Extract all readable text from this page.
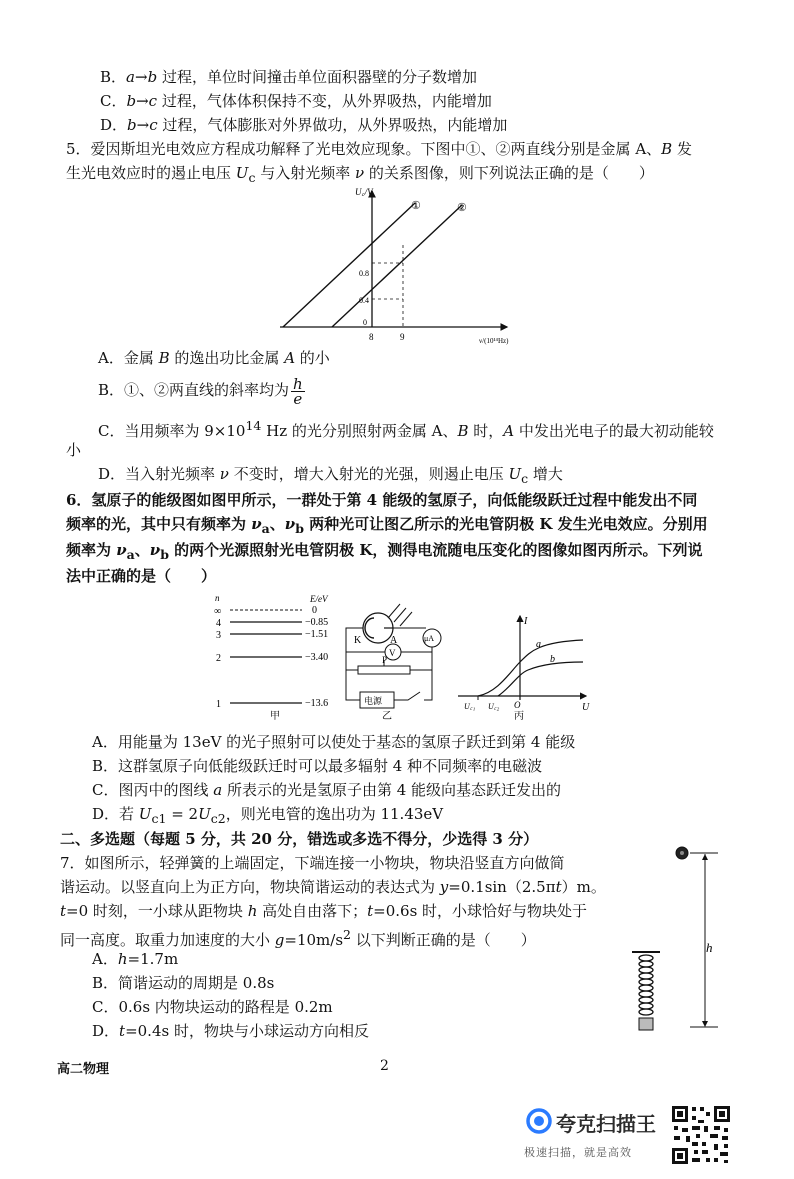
B．a→b 过程，单位时间撞击单位面积器壁的分子数增加
C．b→c 过程，气体体积保持不变，从外界吸热，内能增加
D．b→c 过程，气体膨胀对外界做功，从外界吸热，内能增加
5．爱因斯坦光电效应方程成功解释了光电效应现象。下图中①、②两直线分别是金属 A、B 发
生光电效应时的遏止电压 $U_c$ 与入射光频率 ν 的关系图像，则下列说法正确的是（　　）
U꜀/V
①	②
0.8
0.4
0
8	9	ν/(10¹⁴Hz)
A．金属 B 的逸出功比金属 A 的小
B．①、②两直线的斜率均为 $\frac{h}{e}$
C．当用频率为 $9\times 10^{14}$ Hz 的光分别照射两金属 A、B 时，A 中发出光电子的最大初动能较
小
D．当入射光频率 ν 不变时，增大入射光的光强，则遏止电压 $U_c$ 增大
6．氢原子的能级图如图甲所示，一群处于第 4 能级的氢原子，向低能级跃迁过程中能发出不同
频率的光，其中只有频率为 $\nu_a$、$\nu_b$ 两种光可让图乙所示的光电管阴极 K 发生光电效应。分别用
频率为 $\nu_a$、$\nu_b$ 的两个光源照射光电管阴极 K，测得电流随电压变化的图像如图丙所示。下列说
法中正确的是（　　）
n	E/eV
∞	0
4	−0.85
3	−1.51
2	−3.40
1	−13.6
甲
K	A	μA
V
P
电源
乙
I
U
a
b
O
U꜀₁ U꜀₂
丙
A．用能量为 13eV 的光子照射可以使处于基态的氢原子跃迁到第 4 能级
B．这群氢原子向低能级跃迁时可以最多辐射 4 种不同频率的电磁波
C．图丙中的图线 a 所表示的光是氢原子由第 4 能级向基态跃迁发出的
D．若 $U_{c1} = 2U_{c2}$，则光电管的逸出功为 11.43eV
二、多选题（每题 5 分，共 20 分，错选或多选不得分，少选得 3 分）
7．如图所示，轻弹簧的上端固定，下端连接一小物块，物块沿竖直方向做简
谐运动。以竖直向上为正方向，物块简谐运动的表达式为 y=0.1sin（2.5πt）m。
t=0 时刻，一小球从距物块 h 高处自由落下；t=0.6s 时，小球恰好与物块处于
同一高度。取重力加速度的大小 $g=10m/s^2$ 以下判断正确的是（　　）
A．h=1.7m
B．简谐运动的周期是 0.8s
C．0.6s 内物块运动的路程是 0.2m
D．t=0.4s 时，物块与小球运动方向相反
h
高二物理	2
夸克扫描王
极速扫描，就是高效
